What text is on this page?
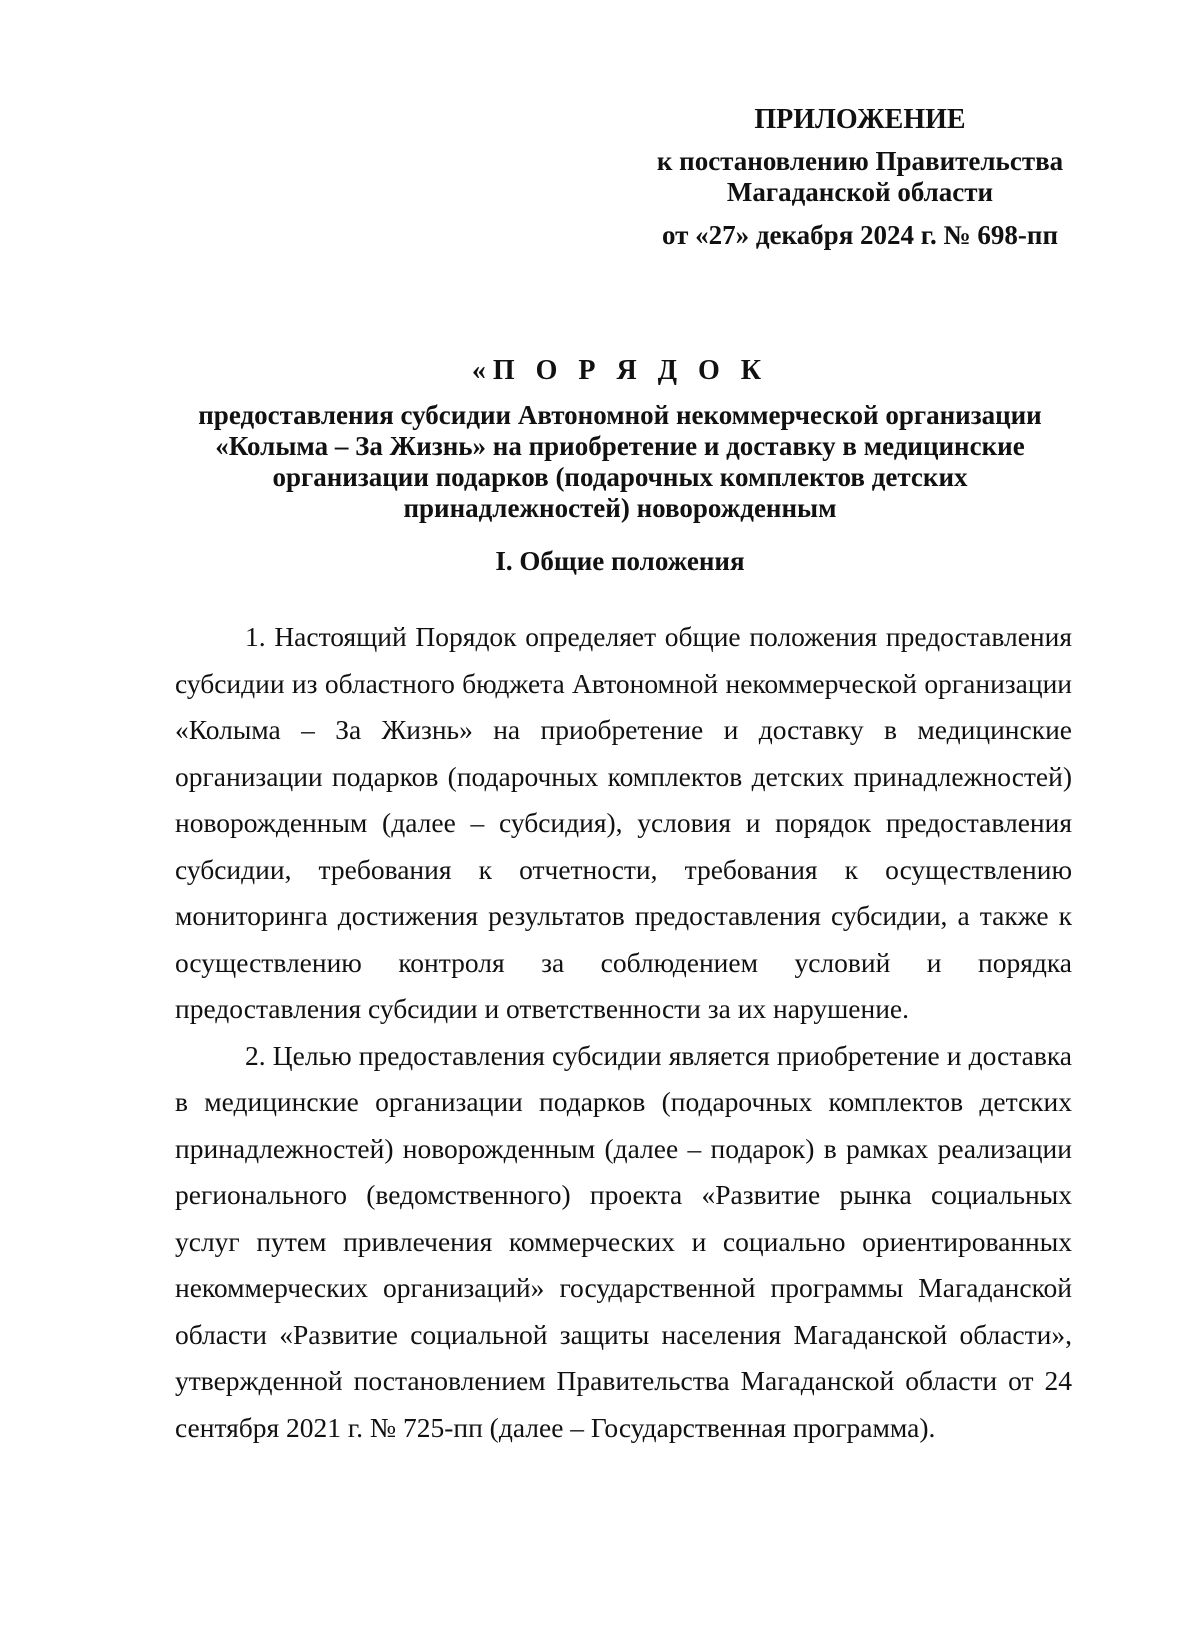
ПРИЛОЖЕНИЕ
к постановлению Правительства
Магаданской области
от «27» декабря 2024 г. № 698-пп
«П О Р Я Д О К
предоставления субсидии Автономной некоммерческой организации
«Колыма – За Жизнь» на приобретение и доставку в медицинские
организации подарков (подарочных комплектов детских
принадлежностей) новорожденным
I. Общие положения

1. Настоящий Порядок определяет общие положения предоставления субсидии из областного бюджета Автономной некоммерческой организации «Колыма – За Жизнь» на приобретение и доставку в медицинские организации подарков (подарочных комплектов детских принадлежностей) новорожденным (далее – субсидия), условия и порядок предоставления субсидии, требования к отчетности, требования к осуществлению мониторинга достижения результатов предоставления субсидии, а также к осуществлению контроля за соблюдением условий и порядка предоставления субсидии и ответственности за их нарушение.

2. Целью предоставления субсидии является приобретение и доставка в медицинские организации подарков (подарочных комплектов детских принадлежностей) новорожденным (далее – подарок) в рамках реализации регионального (ведомственного) проекта «Развитие рынка социальных услуг путем привлечения коммерческих и социально ориентированных некоммерческих организаций» государственной программы Магаданской области «Развитие социальной защиты населения Магаданской области», утвержденной постановлением Правительства Магаданской области от 24 сентября 2021 г. № 725-пп (далее – Государственная программа).
